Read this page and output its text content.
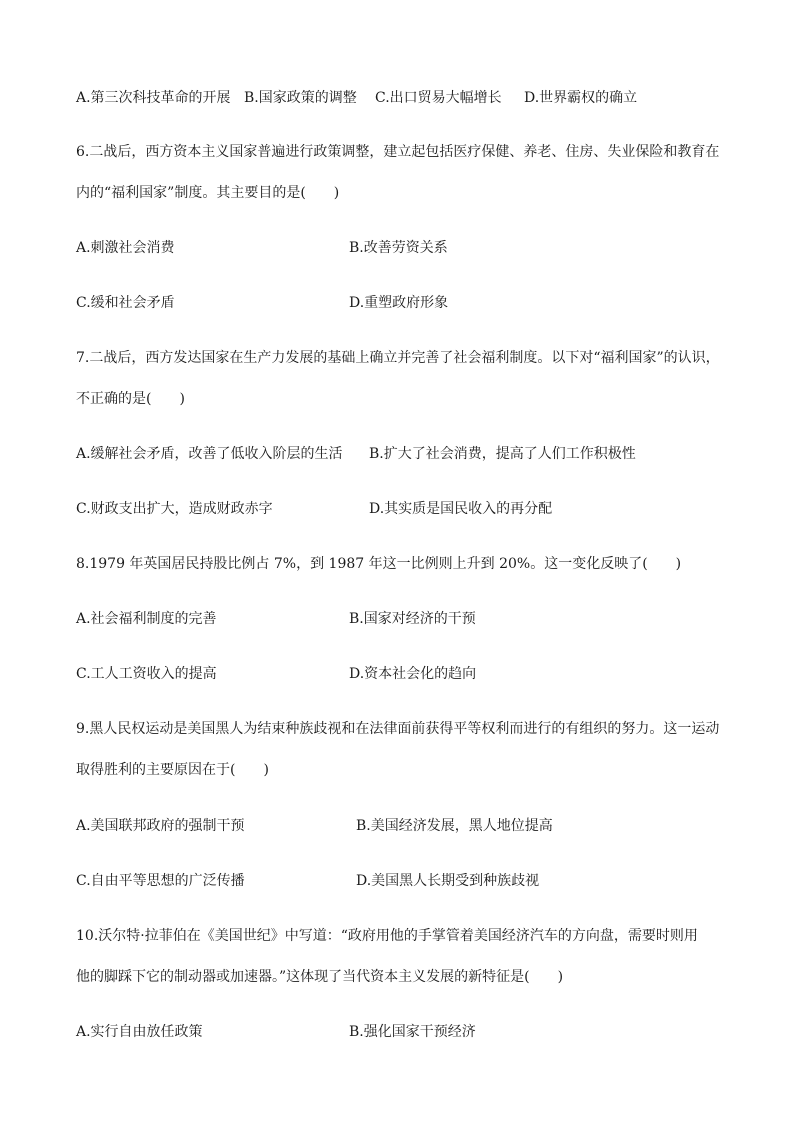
A.第三次科技革命的开展 B.国家政策的调整 C.出口贸易大幅增长 D.世界霸权的确立
6.二战后，西方资本主义国家普遍进行政策调整，建立起包括医疗保健、养老、住房、失业保险和教育在
内的“福利国家”制度。其主要目的是(　　)
A.刺激社会消费	B.改善劳资关系
C.缓和社会矛盾	D.重塑政府形象
7.二战后，西方发达国家在生产力发展的基础上确立并完善了社会福利制度。以下对“福利国家”的认识，
不正确的是(　　)
A.缓解社会矛盾，改善了低收入阶层的生活 B.扩大了社会消费，提高了人们工作积极性
C.财政支出扩大，造成财政赤字	D.其实质是国民收入的再分配
8.1979 年英国居民持股比例占 7%，到 1987 年这一比例则上升到 20%。这一变化反映了(　　)
A.社会福利制度的完善	B.国家对经济的干预
C.工人工资收入的提高	D.资本社会化的趋向
9.黑人民权运动是美国黑人为结束种族歧视和在法律面前获得平等权利而进行的有组织的努力。这一运动
取得胜利的主要原因在于(　　)
A.美国联邦政府的强制干预	B.美国经济发展，黑人地位提高
C.自由平等思想的广泛传播	D.美国黑人长期受到种族歧视
10.沃尔特·拉菲伯在《美国世纪》中写道：“政府用他的手掌管着美国经济汽车的方向盘，需要时则用
他的脚踩下它的制动器或加速器。”这体现了当代资本主义发展的新特征是(　　)
A.实行自由放任政策	B.强化国家干预经济
